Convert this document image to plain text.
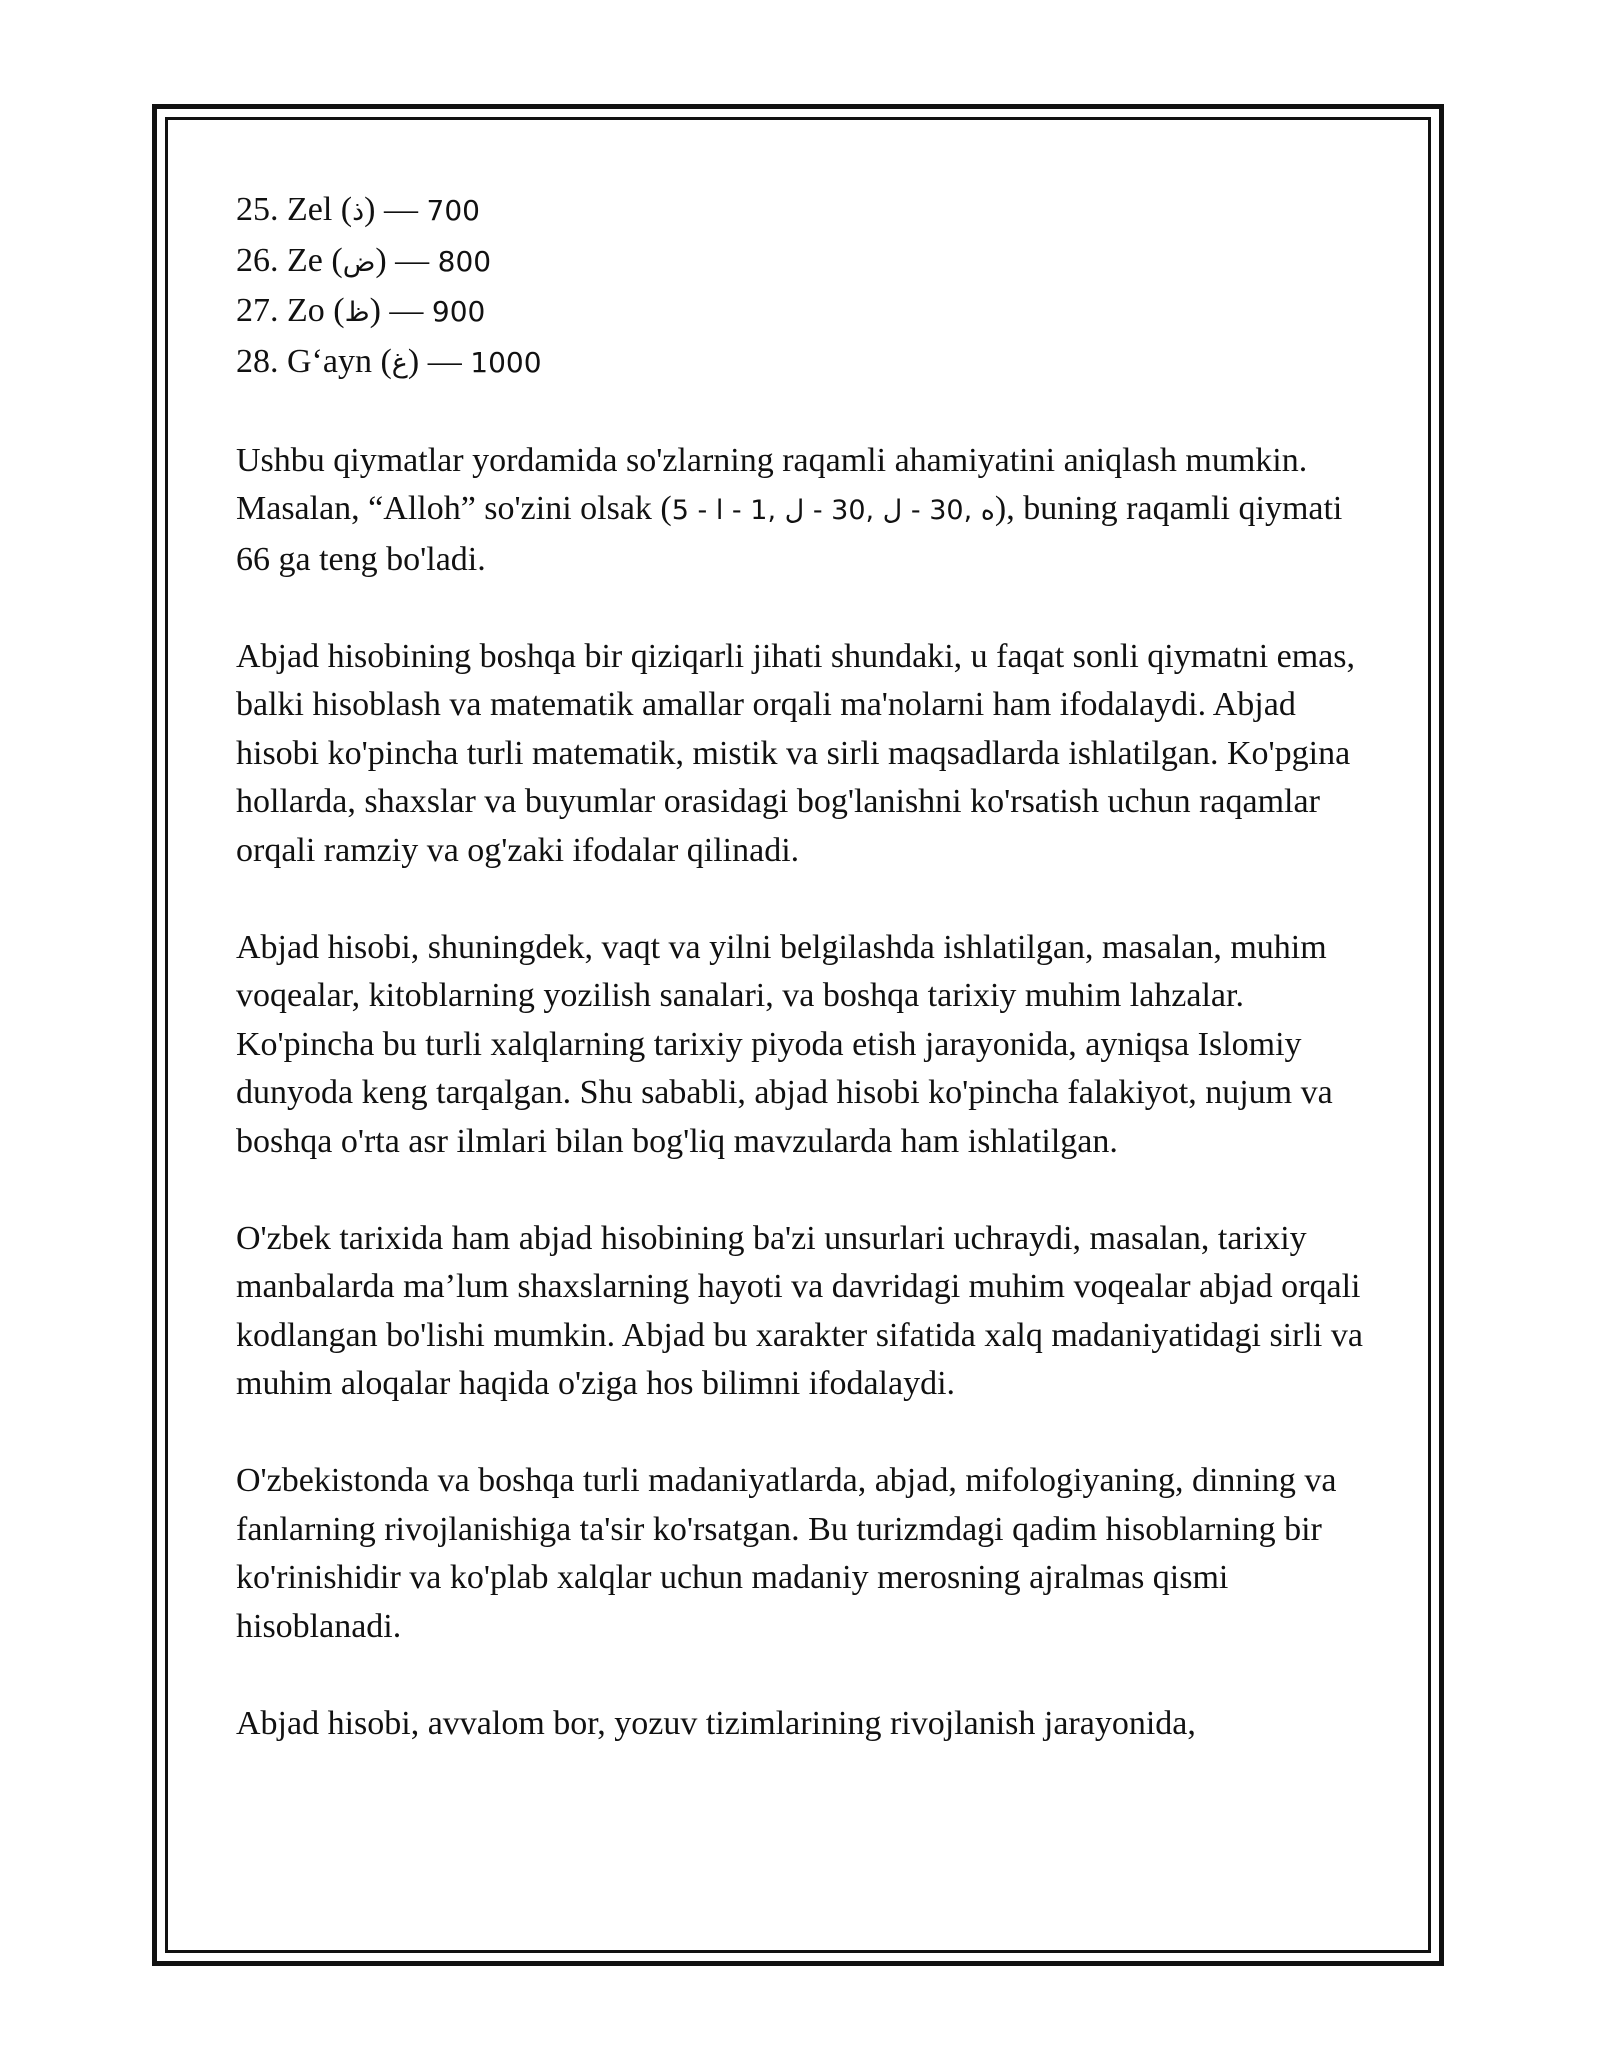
25. Zel (ذ) — 700
26. Ze (ض) — 800
27. Zo (ظ) — 900
28. G‘ayn (غ) — 1000

Ushbu qiymatlar yordamida so'zlarning raqamli ahamiyatini aniqlash mumkin. Masalan, “Alloh” so'zini olsak (5 - ه ,30 - ل ,30 - ل ,1 - ا), buning raqamli qiymati 66 ga teng bo'ladi.

Abjad hisobining boshqa bir qiziqarli jihati shundaki, u faqat sonli qiymatni emas, balki hisoblash va matematik amallar orqali ma'nolarni ham ifodalaydi. Abjad hisobi ko'pincha turli matematik, mistik va sirli maqsadlarda ishlatilgan. Ko'pgina hollarda, shaxslar va buyumlar orasidagi bog'lanishni ko'rsatish uchun raqamlar orqali ramziy va og'zaki ifodalar qilinadi.

Abjad hisobi, shuningdek, vaqt va yilni belgilashda ishlatilgan, masalan, muhim voqealar, kitoblarning yozilish sanalari, va boshqa tarixiy muhim lahzalar. Ko'pincha bu turli xalqlarning tarixiy piyoda etish jarayonida, ayniqsa Islomiy dunyoda keng tarqalgan. Shu sababli, abjad hisobi ko'pincha falakiyot, nujum va boshqa o'rta asr ilmlari bilan bog'liq mavzularda ham ishlatilgan.

O'zbek tarixida ham abjad hisobining ba'zi unsurlari uchraydi, masalan, tarixiy manbalarda ma’lum shaxslarning hayoti va davridagi muhim voqealar abjad orqali kodlangan bo'lishi mumkin. Abjad bu xarakter sifatida xalq madaniyatidagi sirli va muhim aloqalar haqida o'ziga hos bilimni ifodalaydi.

O'zbekistonda va boshqa turli madaniyatlarda, abjad, mifologiyaning, dinning va fanlarning rivojlanishiga ta'sir ko'rsatgan. Bu turizmdagi qadim hisoblarning bir ko'rinishidir va ko'plab xalqlar uchun madaniy merosning ajralmas qismi hisoblanadi.

Abjad hisobi, avvalom bor, yozuv tizimlarining rivojlanish jarayonida,
